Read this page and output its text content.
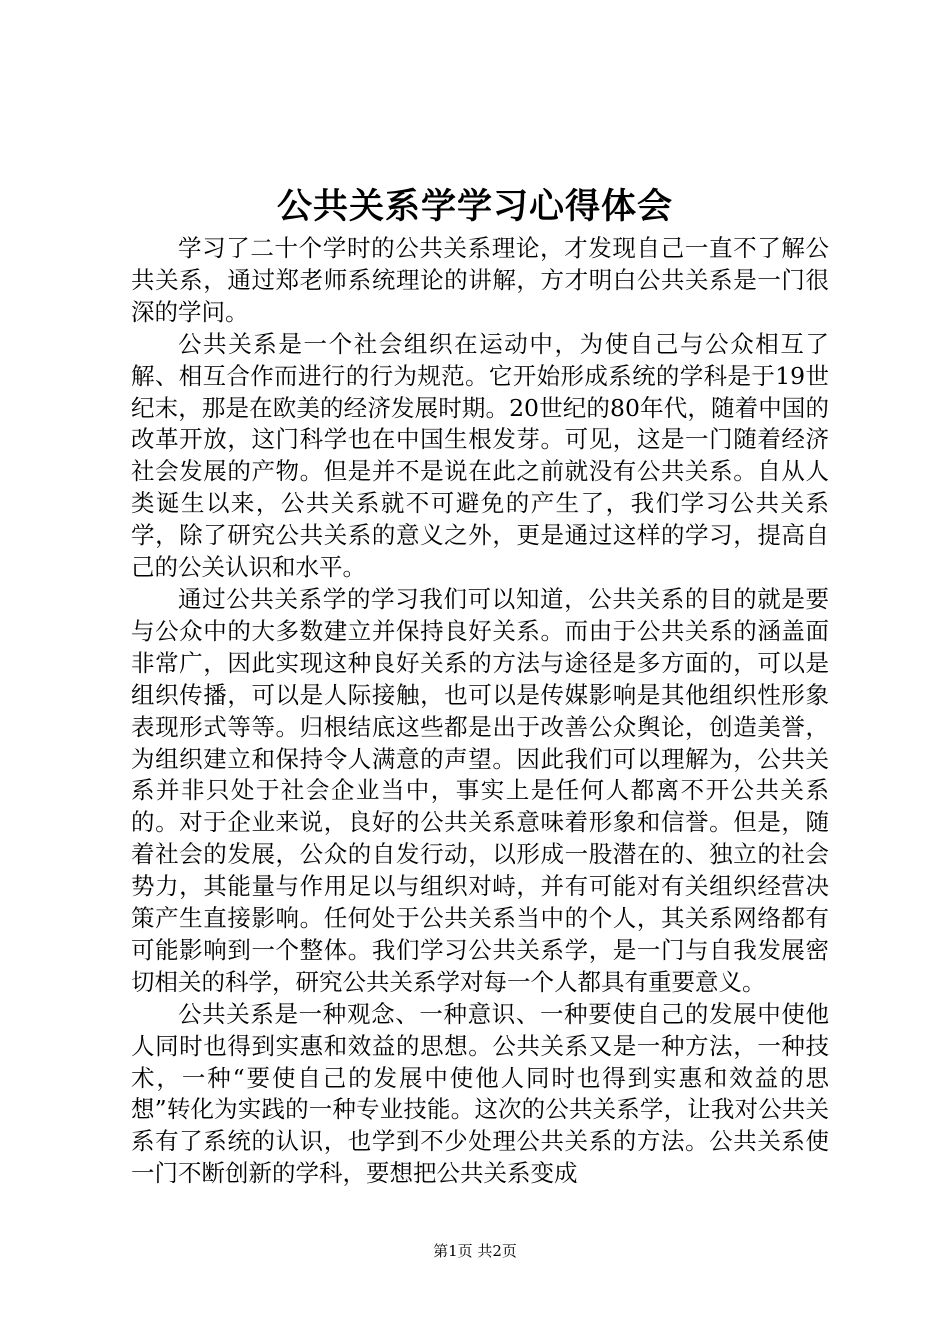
公共关系学学习心得体会

学习了二十个学时的公共关系理论，才发现自己一直不了解公共关系，通过郑老师系统理论的讲解，方才明白公共关系是一门很深的学问。

公共关系是一个社会组织在运动中，为使自己与公众相互了解、相互合作而进行的行为规范。它开始形成系统的学科是于19世纪末，那是在欧美的经济发展时期。20世纪的80年代，随着中国的改革开放，这门科学也在中国生根发芽。可见，这是一门随着经济社会发展的产物。但是并不是说在此之前就没有公共关系。自从人类诞生以来，公共关系就不可避免的产生了，我们学习公共关系学，除了研究公共关系的意义之外，更是通过这样的学习，提高自己的公关认识和水平。

通过公共关系学的学习我们可以知道，公共关系的目的就是要与公众中的大多数建立并保持良好关系。而由于公共关系的涵盖面非常广，因此实现这种良好关系的方法与途径是多方面的，可以是组织传播，可以是人际接触，也可以是传媒影响是其他组织性形象表现形式等等。归根结底这些都是出于改善公众舆论，创造美誉，为组织建立和保持令人满意的声望。因此我们可以理解为，公共关系并非只处于社会企业当中，事实上是任何人都离不开公共关系的。对于企业来说，良好的公共关系意味着形象和信誉。但是，随着社会的发展，公众的自发行动，以形成一股潜在的、独立的社会势力，其能量与作用足以与组织对峙，并有可能对有关组织经营决策产生直接影响。任何处于公共关系当中的个人，其关系网络都有可能影响到一个整体。我们学习公共关系学，是一门与自我发展密切相关的科学，研究公共关系学对每一个人都具有重要意义。

公共关系是一种观念、一种意识、一种要使自己的发展中使他人同时也得到实惠和效益的思想。公共关系又是一种方法，一种技术，一种“要使自己的发展中使他人同时也得到实惠和效益的思想”转化为实践的一种专业技能。这次的公共关系学，让我对公共关系有了系统的认识，也学到不少处理公共关系的方法。公共关系使一门不断创新的学科，要想把公共关系变成

第1页 共2页
